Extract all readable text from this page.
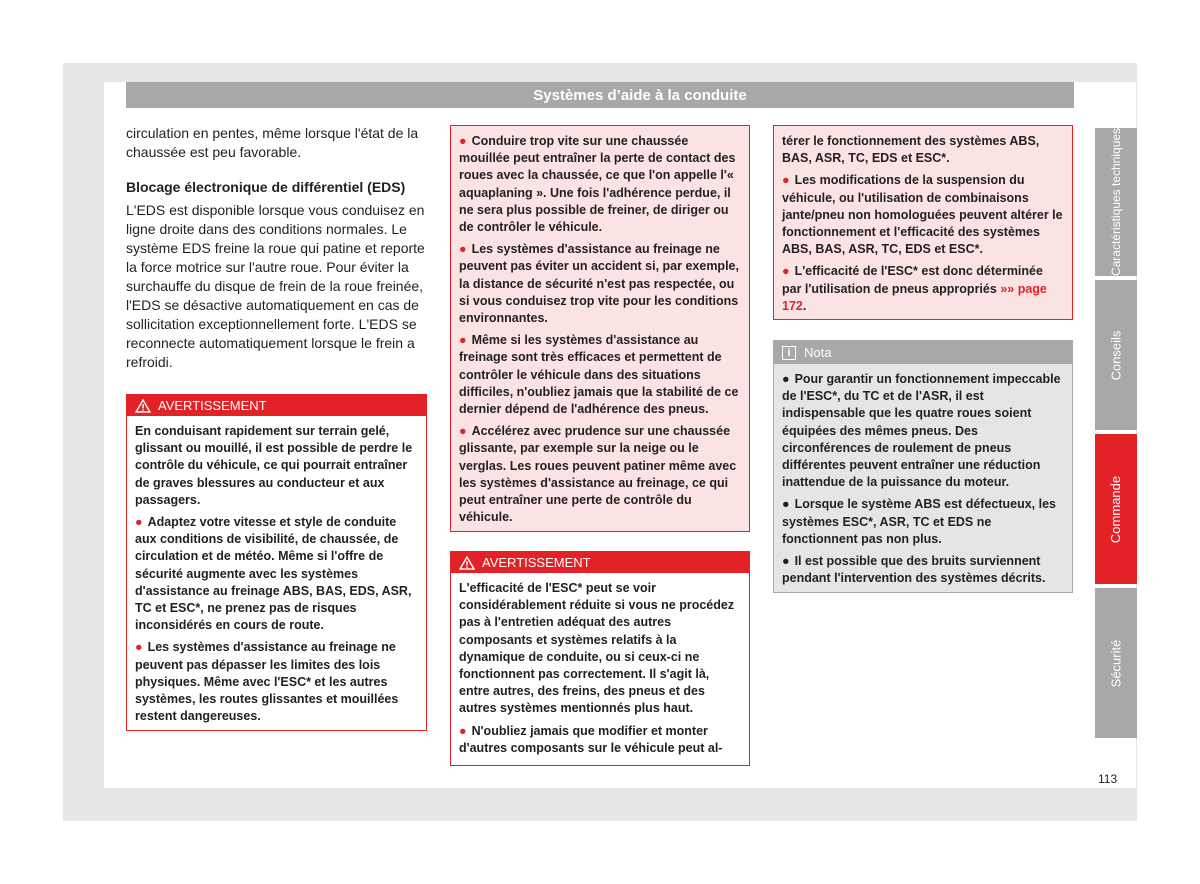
Systèmes d’aide à la conduite

circulation en pentes, même lorsque l'état de la chaussée est peu favorable.

Blocage électronique de différentiel (EDS)

L'EDS est disponible lorsque vous conduisez en ligne droite dans des conditions normales. Le système EDS freine la roue qui patine et reporte la force motrice sur l'autre roue. Pour éviter la surchauffe du disque de frein de la roue freinée, l'EDS se désactive automatiquement en cas de sollicitation exceptionnellement forte. L'EDS se reconnecte automatiquement lorsque le frein a refroidi.

AVERTISSEMENT

En conduisant rapidement sur terrain gelé, glissant ou mouillé, il est possible de perdre le contrôle du véhicule, ce qui pourrait entraîner de graves blessures au conducteur et aux passagers.

● Adaptez votre vitesse et style de conduite aux conditions de visibilité, de chaussée, de circulation et de météo. Même si l'offre de sécurité augmente avec les systèmes d'assistance au freinage ABS, BAS, EDS, ASR, TC et ESC*, ne prenez pas de risques inconsidérés en cours de route.

● Les systèmes d'assistance au freinage ne peuvent pas dépasser les limites des lois physiques. Même avec l'ESC* et les autres systèmes, les routes glissantes et mouillées restent dangereuses.

● Conduire trop vite sur une chaussée mouillée peut entraîner la perte de contact des roues avec la chaussée, ce que l'on appelle l'« aquaplaning ». Une fois l'adhérence perdue, il ne sera plus possible de freiner, de diriger ou de contrôler le véhicule.

● Les systèmes d'assistance au freinage ne peuvent pas éviter un accident si, par exemple, la distance de sécurité n'est pas respectée, ou si vous conduisez trop vite pour les conditions environnantes.

● Même si les systèmes d'assistance au freinage sont très efficaces et permettent de contrôler le véhicule dans des situations difficiles, n'oubliez jamais que la stabilité de ce dernier dépend de l'adhérence des pneus.

● Accélérez avec prudence sur une chaussée glissante, par exemple sur la neige ou le verglas. Les roues peuvent patiner même avec les systèmes d'assistance au freinage, ce qui peut entraîner une perte de contrôle du véhicule.

AVERTISSEMENT

L'efficacité de l'ESC* peut se voir considérablement réduite si vous ne procédez pas à l'entretien adéquat des autres composants et systèmes relatifs à la dynamique de conduite, ou si ceux-ci ne fonctionnent pas correctement. Il s'agit là, entre autres, des freins, des pneus et des autres systèmes mentionnés plus haut.

● N'oubliez jamais que modifier et monter d'autres composants sur le véhicule peut al-

térer le fonctionnement des systèmes ABS, BAS, ASR, TC, EDS et ESC*.

● Les modifications de la suspension du véhicule, ou l'utilisation de combinaisons jante/pneu non homologuées peuvent altérer le fonctionnement et l'efficacité des systèmes ABS, BAS, ASR, TC, EDS et ESC*.

● L'efficacité de l'ESC* est donc déterminée par l'utilisation de pneus appropriés »» page 172.

i	Nota

● Pour garantir un fonctionnement impeccable de l'ESC*, du TC et de l'ASR, il est indispensable que les quatre roues soient équipées des mêmes pneus. Des circonférences de roulement de pneus différentes peuvent entraîner une réduction inattendue de la puissance du moteur.

● Lorsque le système ABS est défectueux, les systèmes ESC*, ASR, TC et EDS ne fonctionnent pas non plus.

● Il est possible que des bruits surviennent pendant l'intervention des systèmes décrits.

Caractéristiques techniques
Conseils
Commande
Sécurité
113
